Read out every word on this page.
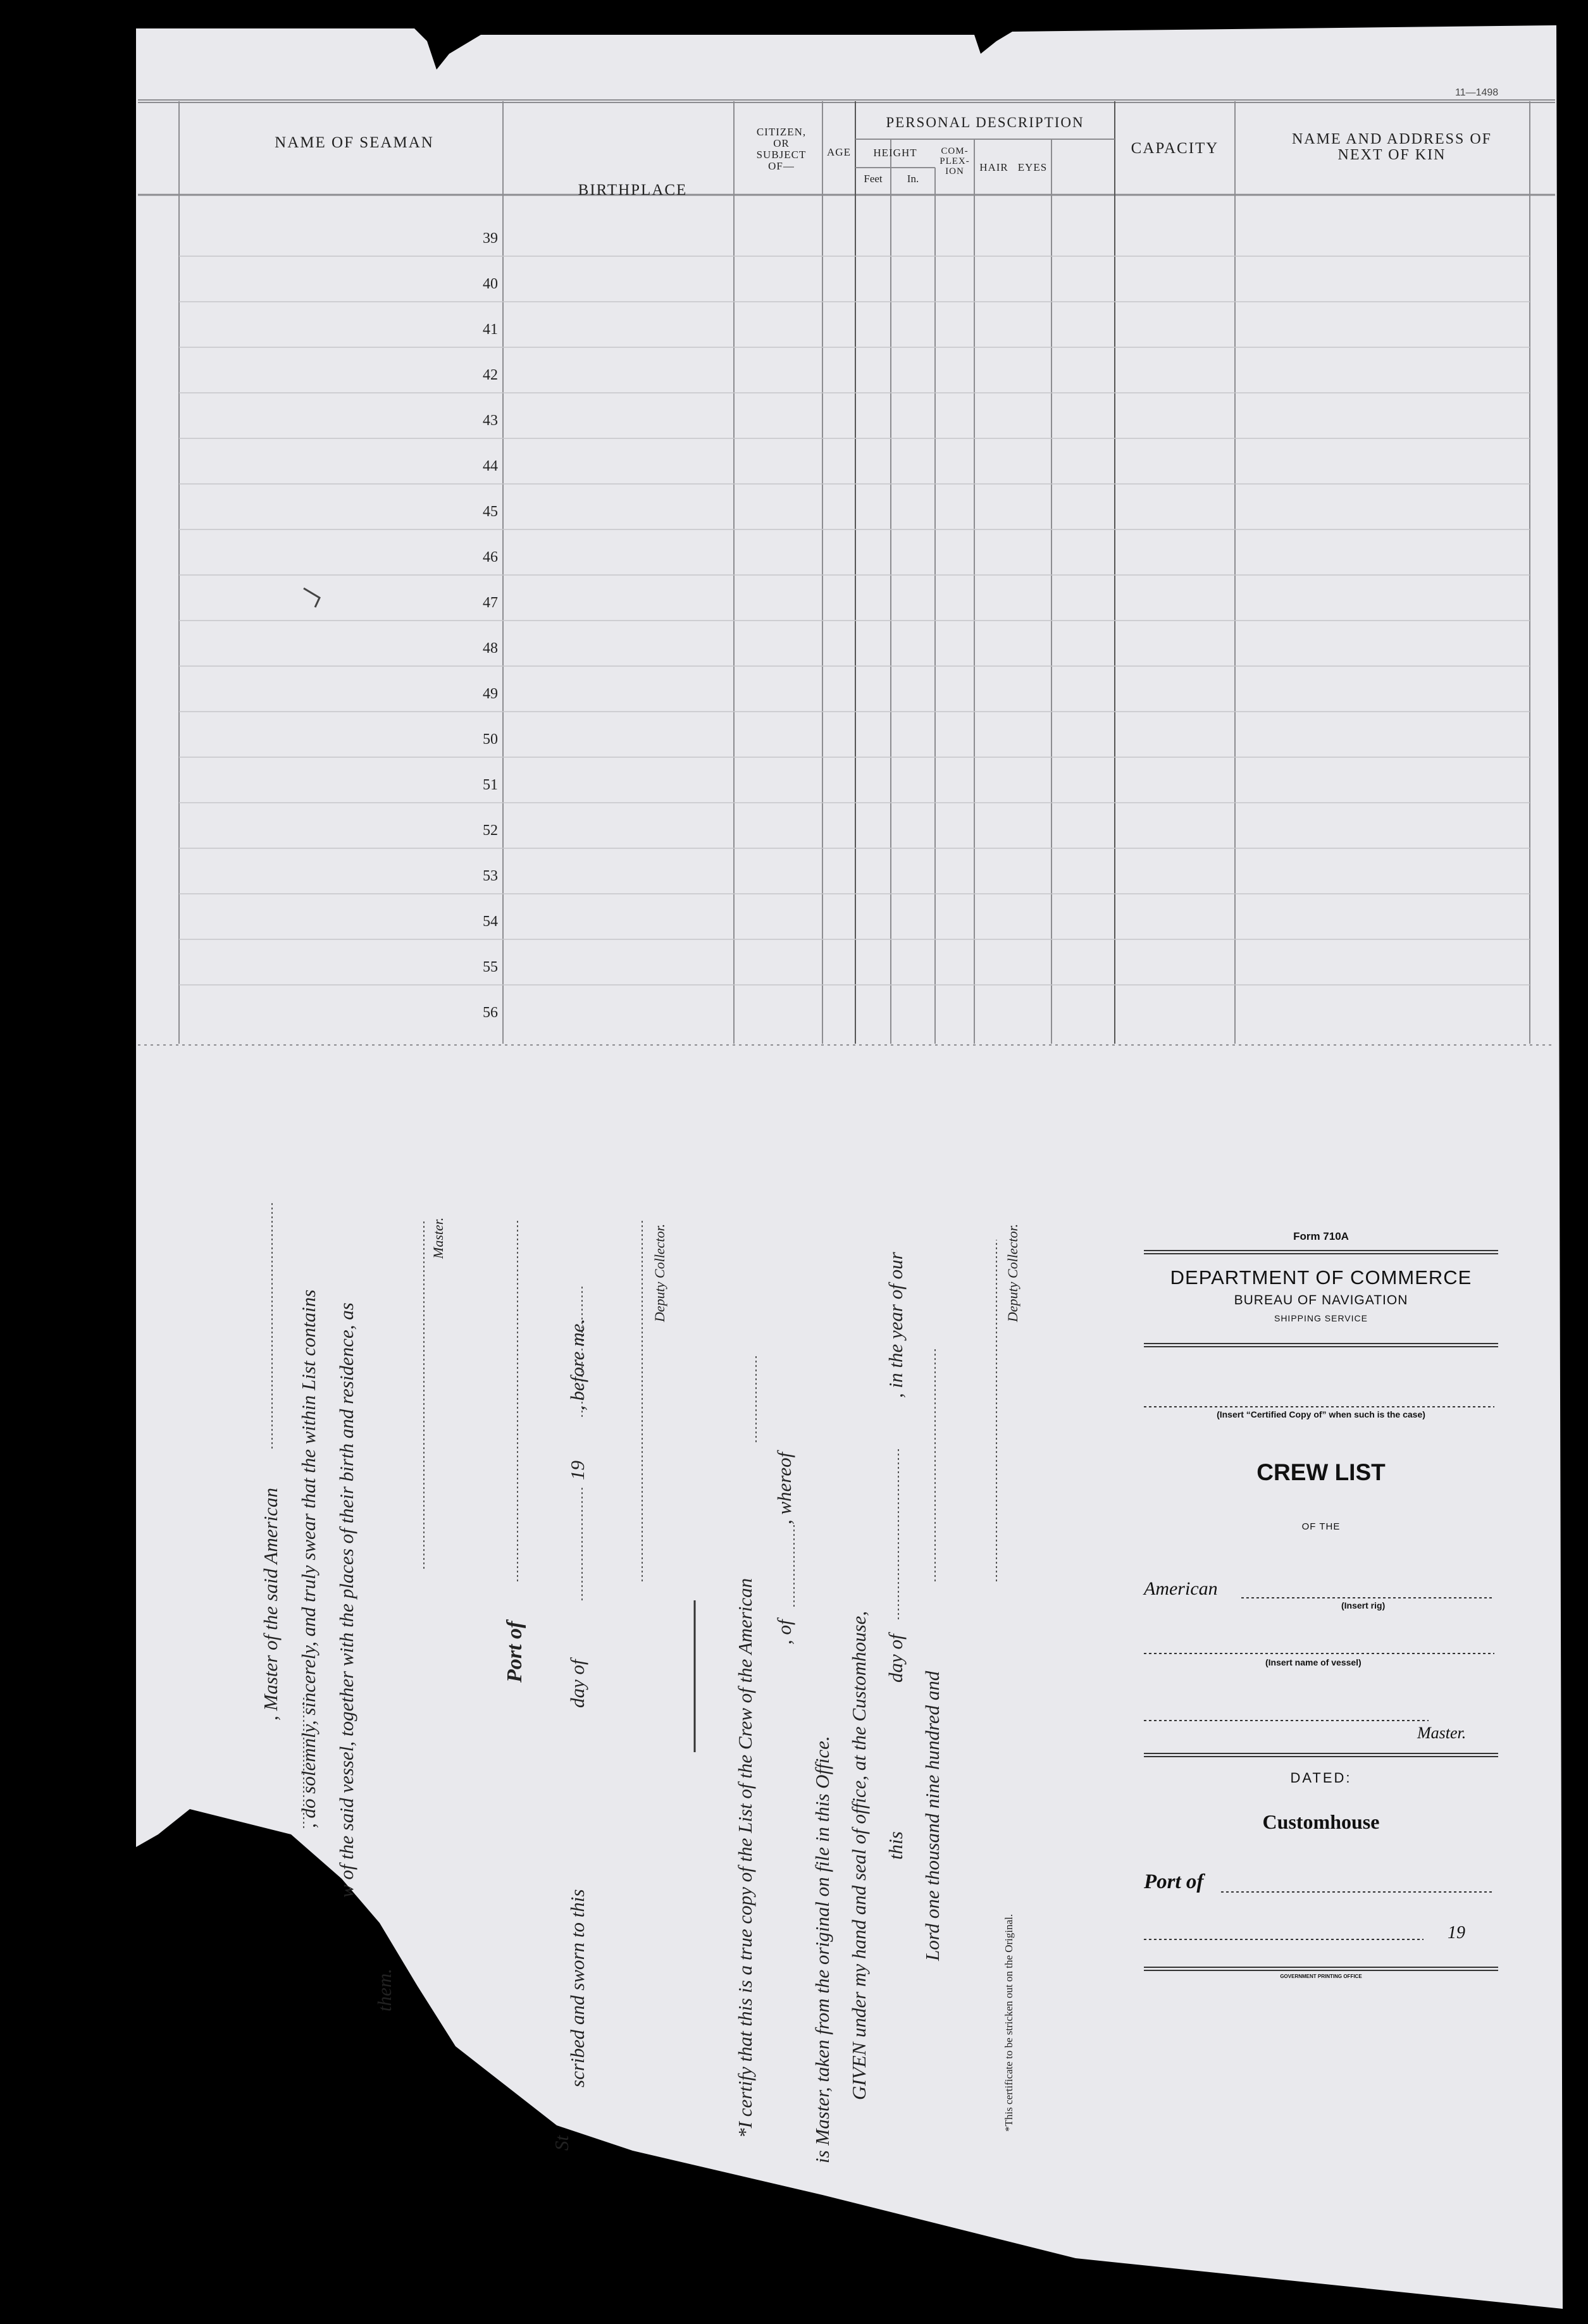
11—1498
NAME OF SEAMAN
BIRTHPLACE
CITIZEN, OR SUBJECT OF—
AGE
PERSONAL DESCRIPTION
HEIGHT
Feet	In.
COM- PLEX- ION	HAIR EYES
CAPACITY
NAME AND ADDRESS OF NEXT OF KIN
39
40
41
42
43
44
45
46
47
48
49
50
51
52
53
54
55
56
, Master of the said American , do solemnly, sincerely, and truly swear that the within List contains w of the said vessel, together with the places of their birth and residence, as
them.
Master.
Port of
St
scribed and sworn to this
day of
19
, before me.
Deputy Collector.
*I certify that this is a true copy of the List of the Crew of the American , of
, whereof
is Master, taken from the original on file in this Office. GIVEN under my hand and seal of office, at the Customhouse, this
day of
, in the year of our
Lord one thousand nine hundred and
Deputy Collector.
*This certificate to be stricken out on the Original.
Form 710A
DEPARTMENT OF COMMERCE
BUREAU OF NAVIGATION
SHIPPING SERVICE
(Insert “Certified Copy of” when such is the case)
CREW LIST
OF THE
American
(Insert rig)
(Insert name of vessel)
Master.
DATED:
Customhouse
Port of
19
GOVERNMENT PRINTING OFFICE
